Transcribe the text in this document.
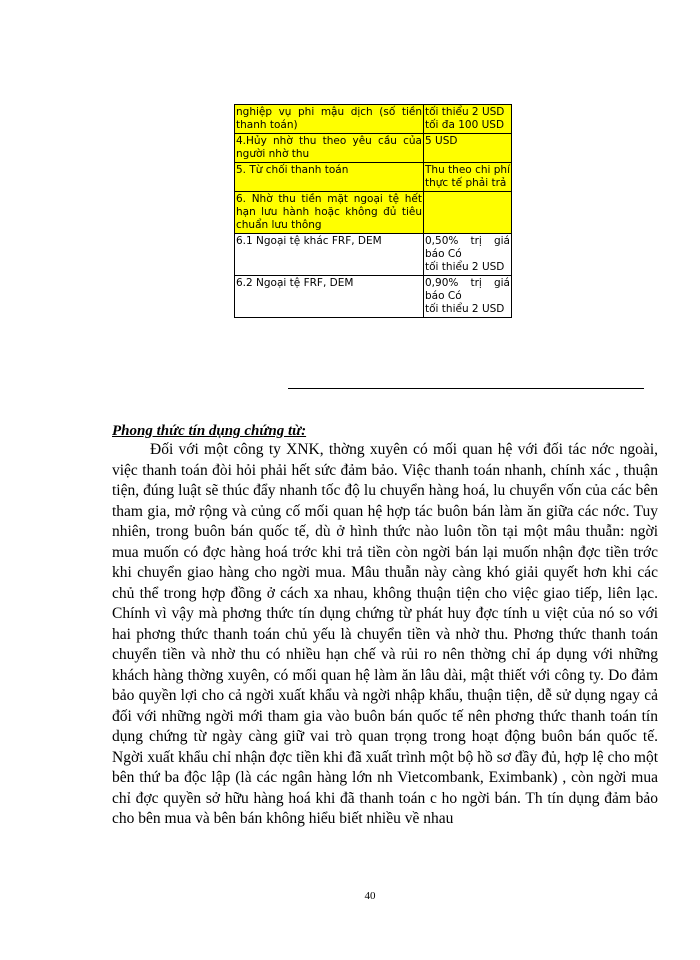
nghiệp vụ phi mậu dịch (số tiền thanh toán)	tối thiểu 2 USD
tối đa 100 USD

4.Hủy nhờ thu theo yêu cầu của người nhờ thu	5 USD

5. Từ chối thanh toán	Thu theo chi phí thực tế phải trả

6. Nhờ thu tiền mặt ngoại tệ hết hạn lưu hành hoặc không đủ tiêu chuẩn lưu thông	

6.1 Ngoại tệ khác FRF, DEM	0,50% trị giá báo Có
tối thiểu 2 USD

6.2 Ngoại tệ FRF, DEM	0,90% trị giá báo Có
tối thiểu 2 USD
Phong thức tín dụng chứng từ:

Đối với một công ty XNK, thờng xuyên có mối quan hệ với đối tác nớc ngoài, việc thanh toán đòi hỏi phải hết sức đảm bảo. Việc thanh toán nhanh, chính xác , thuận tiện, đúng luật sẽ thúc đẩy nhanh tốc độ lu chuyển hàng hoá, lu chuyển vốn của các bên tham gia, mở rộng và củng cố mối quan hệ hợp tác buôn bán làm ăn giữa các nớc. Tuy nhiên, trong buôn bán quốc tế, dù ở hình thức nào luôn tồn tại một mâu thuẫn: ngời mua muốn có đợc hàng hoá trớc khi trả tiền còn ngời bán lại muốn nhận đợc tiền trớc khi chuyển giao hàng cho ngời mua. Mâu thuẫn này càng khó giải quyết hơn khi các chủ thể trong hợp đồng ở cách xa nhau, không thuận tiện cho việc giao tiếp, liên lạc. Chính vì vậy mà phơng thức tín dụng chứng từ phát huy đợc tính u việt của nó so với hai phơng thức thanh toán chủ yếu là chuyển tiền và nhờ thu. Phơng thức thanh toán chuyển tiền và nhờ thu có nhiều hạn chế và rủi ro nên thờng chỉ áp dụng với những khách hàng thờng xuyên, có mối quan hệ làm ăn lâu dài, mật thiết với công ty. Do đảm bảo quyền lợi cho cả ngời xuất khẩu và ngời nhập khẩu, thuận tiện, dễ sử dụng ngay cả đối với những ngời mới tham gia vào buôn bán quốc tế nên phơng thức thanh toán tín dụng chứng từ ngày càng giữ vai trò quan trọng trong hoạt động buôn bán quốc tế. Ngời xuất khẩu chỉ nhận đợc tiền khi đã xuất trình một bộ hồ sơ đầy đủ, hợp lệ cho một bên thứ ba độc lập (là các ngân hàng lớn nh Vietcombank, Eximbank) , còn ngời mua chỉ đợc quyền sở hữu hàng hoá khi đã thanh toán c ho ngời bán. Th tín dụng đảm bảo cho bên mua và bên bán không hiểu biết nhiều về nhau

40
